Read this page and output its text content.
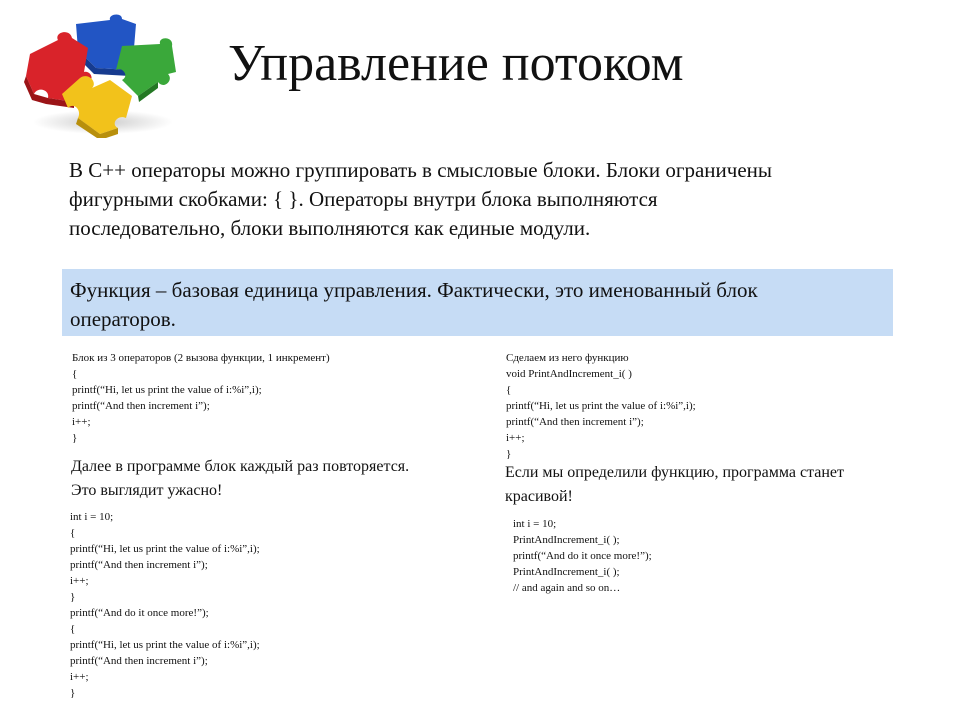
Управление потоком
В С++ операторы можно группировать в смысловые блоки. Блоки ограничены
фигурными скобками: { }. Операторы внутри блока выполняются
последовательно, блоки выполняются как единые модули.
Функция – базовая единица управления. Фактически, это именованный блок
операторов.
Блок из 3 операторов (2 вызова функции, 1 инкремент)
{
printf(“Hi, let us print the value of i:%i”,i);
printf(“And then increment i”);
i++;
}
Далее в программе блок каждый раз повторяется.
Это выглядит ужасно!
int i = 10;
{
printf(“Hi, let us print the value of i:%i”,i);
printf(“And then increment i”);
i++;
}
printf(“And do it once more!”);
{
printf(“Hi, let us print the value of i:%i”,i);
printf(“And then increment i”);
i++;
}
Сделаем из него функцию
void PrintAndIncrement_i( )
{
printf(“Hi, let us print the value of i:%i”,i);
printf(“And then increment i”);
i++;
}
Если мы определили функцию, программа станет
красивой!
int i = 10;
PrintAndIncrement_i( );
printf(“And do it once more!”);
PrintAndIncrement_i( );
// and again and so on…
